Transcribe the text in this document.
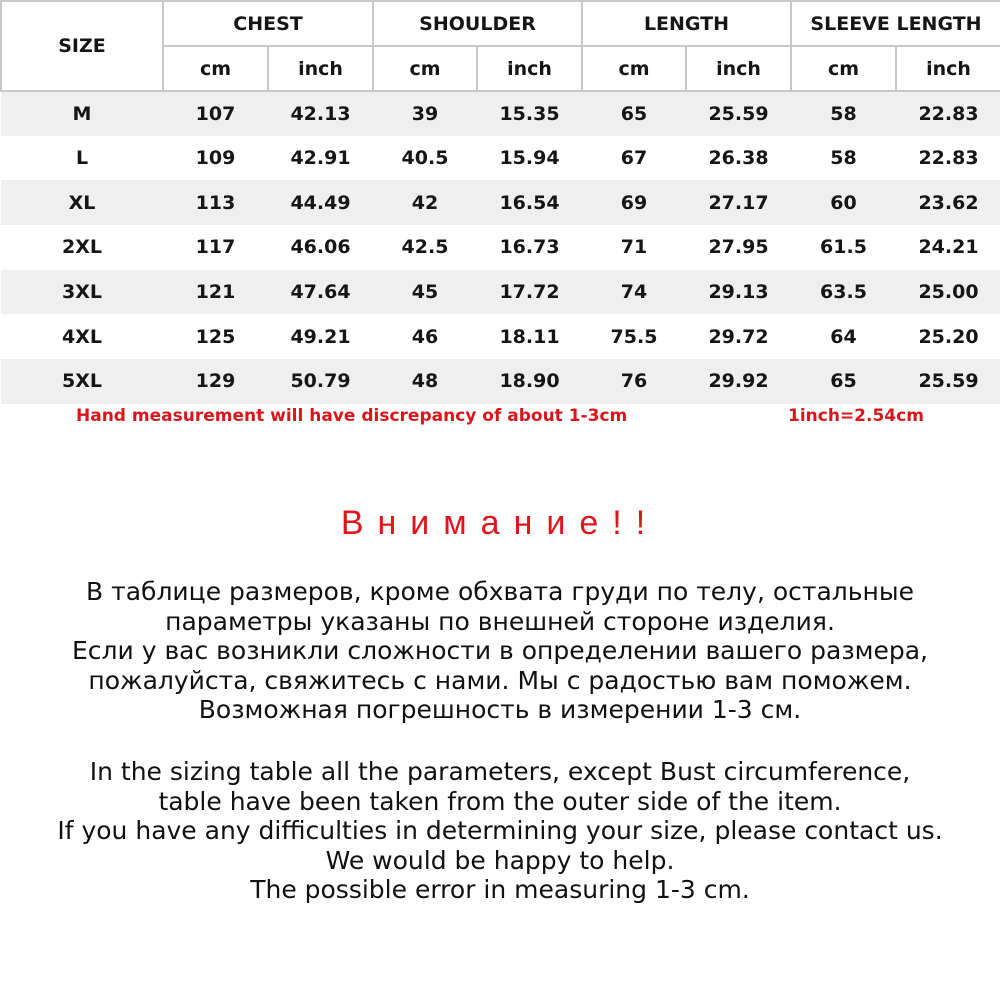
SIZE	CHEST		SHOULDER		LENGTH		SLEEVE LENGTH	
	cm	inch	cm	inch	cm	inch	cm	inch
M	107	42.13	39	15.35	65	25.59	58	22.83
L	109	42.91	40.5	15.94	67	26.38	58	22.83
XL	113	44.49	42	16.54	69	27.17	60	23.62
2XL	117	46.06	42.5	16.73	71	27.95	61.5	24.21
3XL	121	47.64	45	17.72	74	29.13	63.5	25.00
4XL	125	49.21	46	18.11	75.5	29.72	64	25.20
5XL	129	50.79	48	18.90	76	29.92	65	25.59
Hand measurement will have discrepancy of about 1-3cm	1inch=2.54cm
Внимание!!
В таблице размеров, кроме обхвата груди по телу, остальные
параметры указаны по внешней стороне изделия.
Если у вас возникли сложности в определении вашего размера,
пожалуйста, свяжитесь с нами. Мы с радостью вам поможем.
Возможная погрешность в измерении 1-3 см.
In the sizing table all the parameters, except Bust circumference,
table have been taken from the outer side of the item.
If you have any difficulties in determining your size, please contact us.
We would be happy to help.
The possible error in measuring 1-3 cm.
